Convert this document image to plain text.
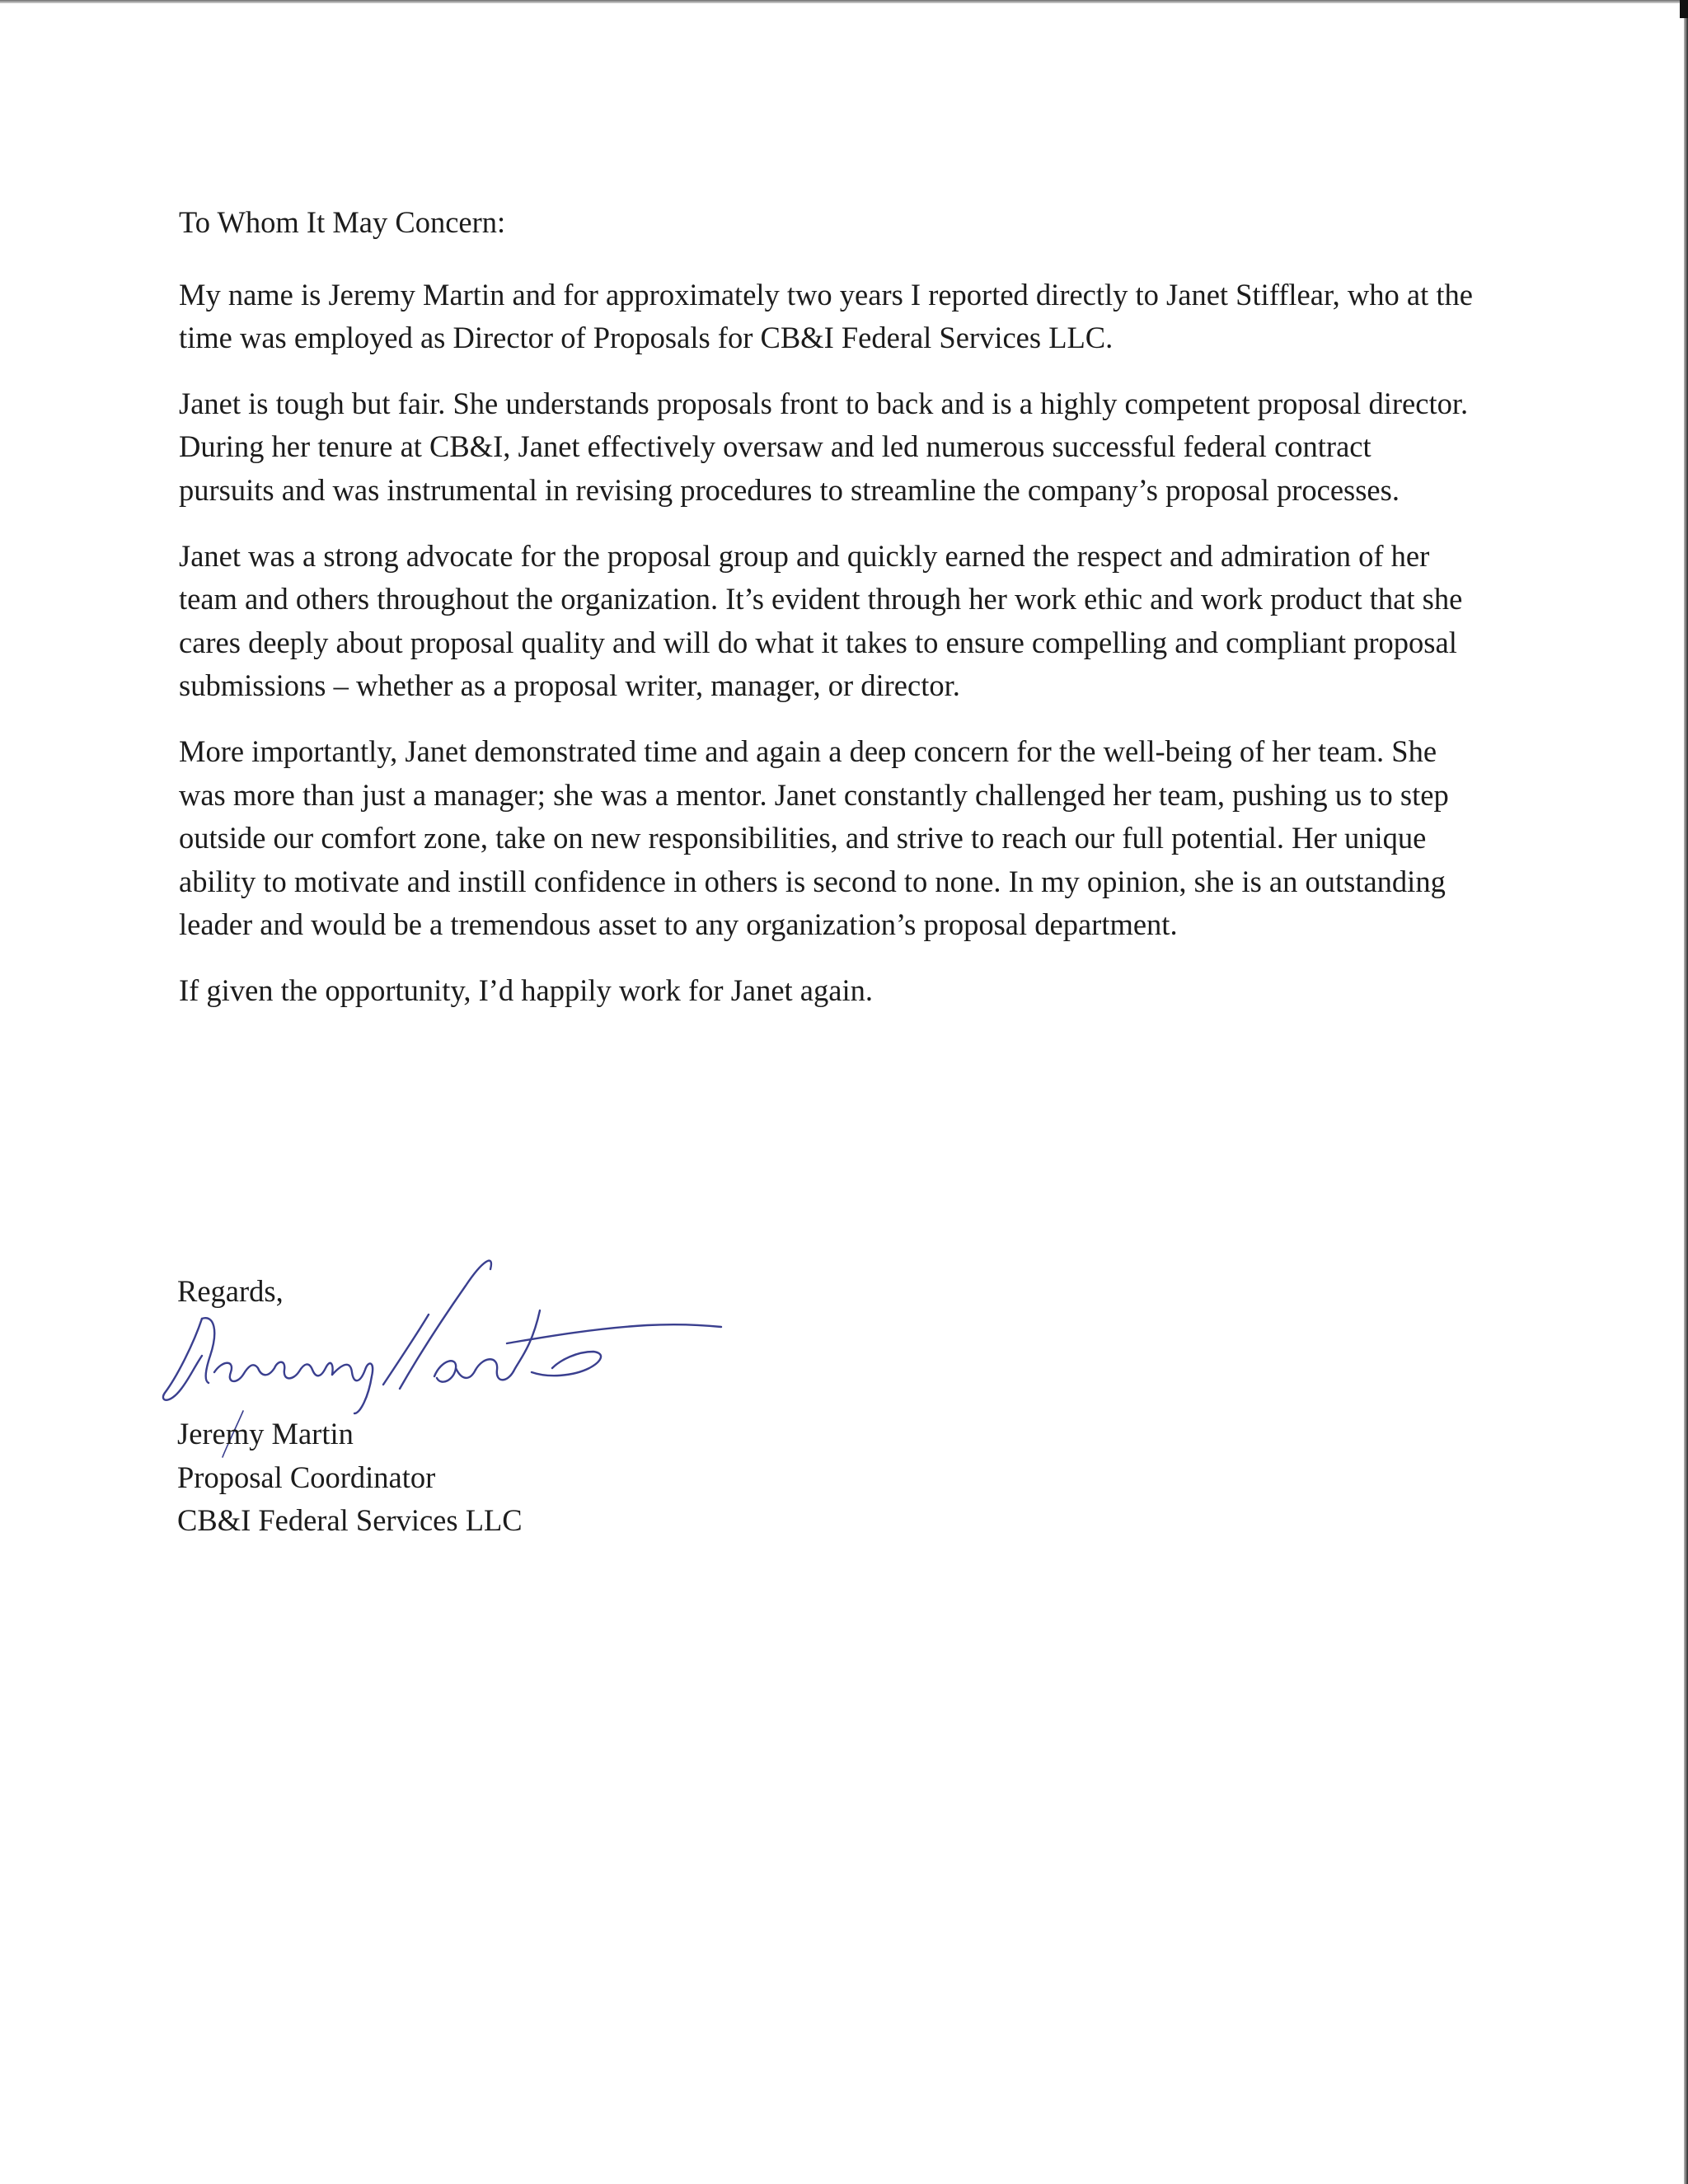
To Whom It May Concern:

My name is Jeremy Martin and for approximately two years I reported directly to Janet Stifflear, who at the time was employed as Director of Proposals for CB&I Federal Services LLC.

Janet is tough but fair. She understands proposals front to back and is a highly competent proposal director. During her tenure at CB&I, Janet effectively oversaw and led numerous successful federal contract pursuits and was instrumental in revising procedures to streamline the company’s proposal processes.

Janet was a strong advocate for the proposal group and quickly earned the respect and admiration of her team and others throughout the organization. It’s evident through her work ethic and work product that she cares deeply about proposal quality and will do what it takes to ensure compelling and compliant proposal submissions – whether as a proposal writer, manager, or director.

More importantly, Janet demonstrated time and again a deep concern for the well-being of her team. She was more than just a manager; she was a mentor. Janet constantly challenged her team, pushing us to step outside our comfort zone, take on new responsibilities, and strive to reach our full potential. Her unique ability to motivate and instill confidence in others is second to none. In my opinion, she is an outstanding leader and would be a tremendous asset to any organization’s proposal department.

If given the opportunity, I’d happily work for Janet again.

Regards,
Jeremy Martin
Proposal Coordinator
CB&I Federal Services LLC
